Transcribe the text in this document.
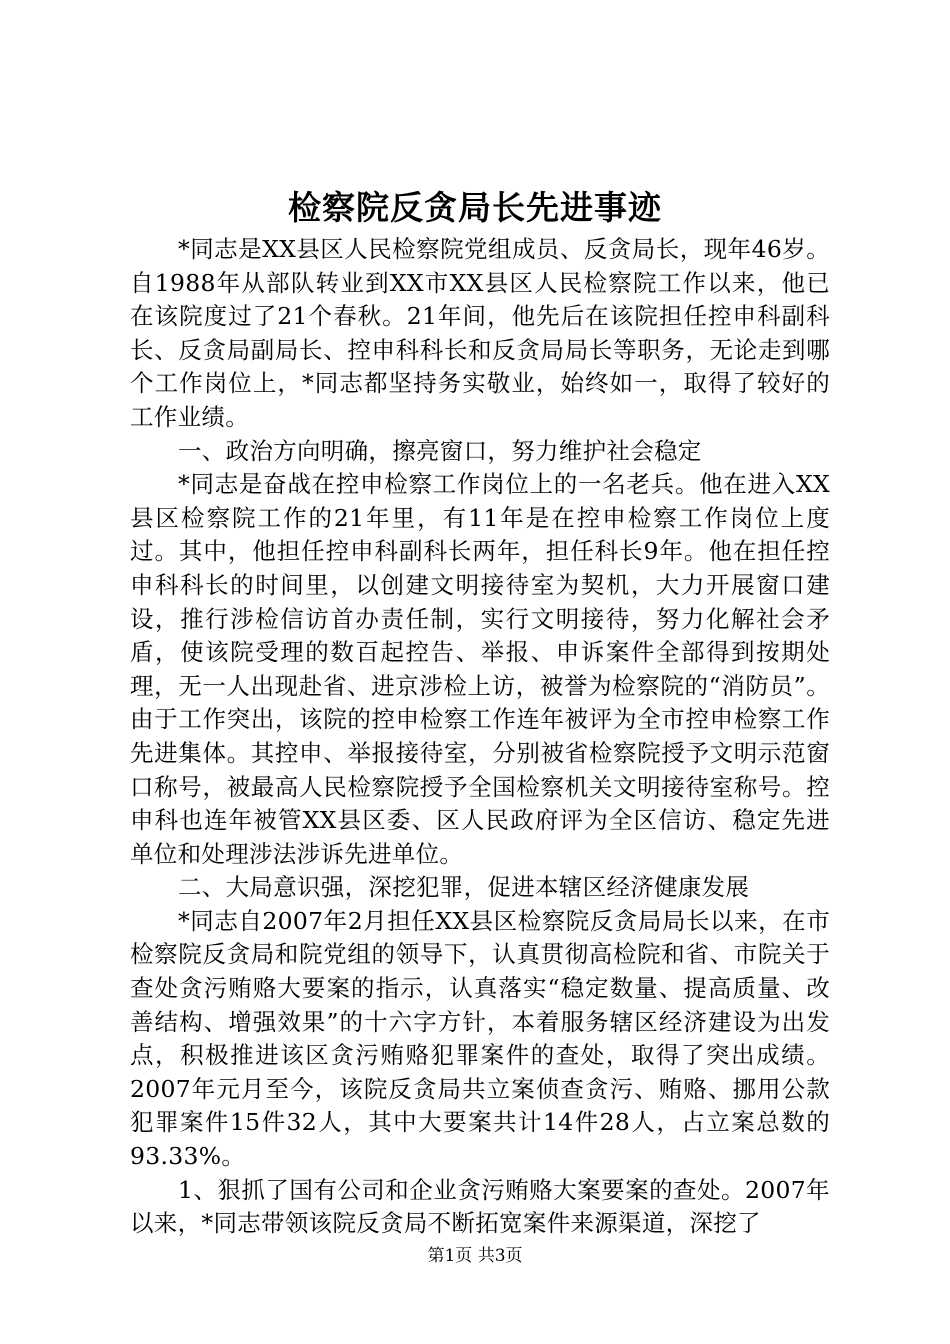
检察院反贪局长先进事迹

*同志是XX县区人民检察院党组成员、反贪局长，现年46岁。自1988年从部队转业到XX市XX县区人民检察院工作以来，他已在该院度过了21个春秋。21年间，他先后在该院担任控申科副科长、反贪局副局长、控申科科长和反贪局局长等职务，无论走到哪个工作岗位上，*同志都坚持务实敬业，始终如一，取得了较好的工作业绩。

一、政治方向明确，擦亮窗口，努力维护社会稳定

*同志是奋战在控申检察工作岗位上的一名老兵。他在进入XX县区检察院工作的21年里，有11年是在控申检察工作岗位上度过。其中，他担任控申科副科长两年，担任科长9年。他在担任控申科科长的时间里，以创建文明接待室为契机，大力开展窗口建设，推行涉检信访首办责任制，实行文明接待，努力化解社会矛盾，使该院受理的数百起控告、举报、申诉案件全部得到按期处理，无一人出现赴省、进京涉检上访，被誉为检察院的“消防员”。由于工作突出，该院的控申检察工作连年被评为全市控申检察工作先进集体。其控申、举报接待室，分别被省检察院授予文明示范窗口称号，被最高人民检察院授予全国检察机关文明接待室称号。控申科也连年被管XX县区委、区人民政府评为全区信访、稳定先进单位和处理涉法涉诉先进单位。

二、大局意识强，深挖犯罪，促进本辖区经济健康发展

*同志自2007年2月担任XX县区检察院反贪局局长以来，在市检察院反贪局和院党组的领导下，认真贯彻高检院和省、市院关于查处贪污贿赂大要案的指示，认真落实“稳定数量、提高质量、改善结构、增强效果”的十六字方针，本着服务辖区经济建设为出发点，积极推进该区贪污贿赂犯罪案件的查处，取得了突出成绩。2007年元月至今，该院反贪局共立案侦查贪污、贿赂、挪用公款犯罪案件15件32人，其中大要案共计14件28人，占立案总数的93.33%。

1、狠抓了国有公司和企业贪污贿赂大案要案的查处。2007年以来，*同志带领该院反贪局不断拓宽案件来源渠道，深挖了

第1页 共3页
